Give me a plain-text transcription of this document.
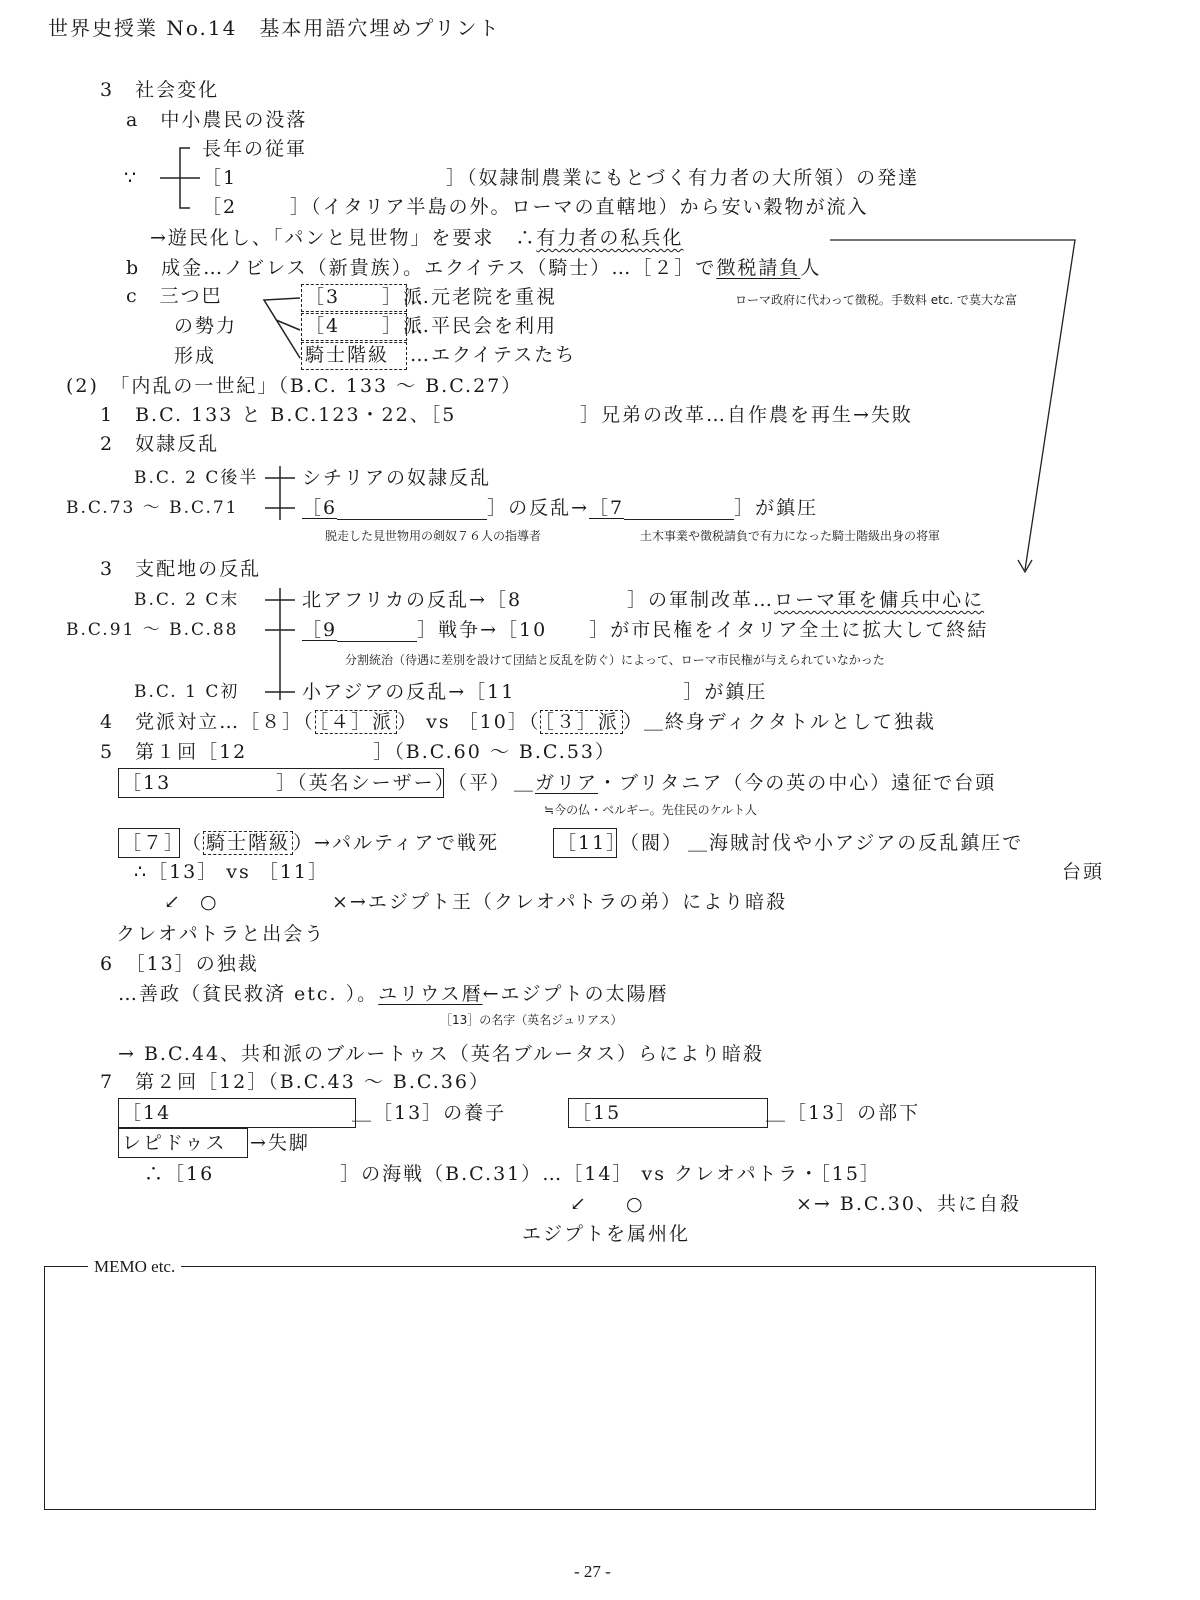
世界史授業 No.14　基本用語穴埋めプリント
3　社会変化
a　中小農民の没落
∵
長年の従軍
［1	］（奴隷制農業にもとづく有力者の大所領）の発達
［2　 ］（イタリア半島の外。ローマの直轄地）から安い穀物が流入
→遊民化し、「パンと見世物」を要求　∴有力者の私兵化
b　成金…ノビレス（新貴族）。エクイテス（騎士）…［２］で徴税請負人
ローマ政府に代わって徴税。手数料 etc. で莫大な富
c　三つ巴
の勢力
形成
［3　　］派
…元老院を重視
［4　　］派
…平民会を利用
騎士階級 …エクイテスたち
(2)　「内乱の一世紀」（B.C. 133 ～ B.C.27）
1　B.C. 133 と B.C.123・22、［5	］兄弟の改革…自作農を再生→失敗
2　奴隷反乱
B.C. 2 C後半 シチリアの奴隷反乱
B.C.73 ～ B.C.71	［6	］の反乱→［7	］が鎮圧
脱走した見世物用の剣奴７６人の指導者	土木事業や徴税請負で有力になった騎士階級出身の将軍
3　支配地の反乱
B.C. 2 C末	北アフリカの反乱→［8　　　　　］の軍制改革…ローマ軍を傭兵中心に
B.C.91 ～ B.C.88	［9	］戦争→［10　　］が市民権をイタリア全土に拡大して終結
分割統治（待遇に差別を設けて団結と反乱を防ぐ）によって、ローマ市民権が与えられていなかった
B.C. 1 C初	小アジアの反乱→［11　　　　　　　　］が鎮圧
4　党派対立…［８］（ ［４］派 ） vs ［10］（ ［３］派 ）＿終身ディクタトルとして独裁
5　第１回［12　　　　　　］（B.C.60 ～ B.C.53）
［13　　　　　］（英名シーザー）
（平） ＿ガリア・ブリタニア（今の英の中心）遠征で台頭
≒今の仏・ベルギー。先住民のケルト人
［７］
（ 騎士階級 ）→パルティアで戦死	［11］
（閥） ＿海賊討伐や小アジアの反乱鎮圧で
台頭
∴［13］ vs ［11］
↙ ○	×→エジプト王（クレオパトラの弟）により暗殺
クレオパトラと出会う
6　［13］の独裁
…善政（貧民救済 etc. ）。ユリウス暦←エジプトの太陽暦
［13］の名字（英名ジュリアス）
→ B.C.44、共和派のブルートゥス（英名ブルータス）らにより暗殺
7　第２回［12］（B.C.43 ～ B.C.36）
［14	＿［13］の養子	［15	＿［13］の部下
レピドゥス →失脚
∴［16　　　　　　］の海戦（B.C.31）…［14］ vs クレオパトラ・［15］
↙ ○	×→ B.C.30、共に自殺
エジプトを属州化
MEMO etc.
- 27 -
